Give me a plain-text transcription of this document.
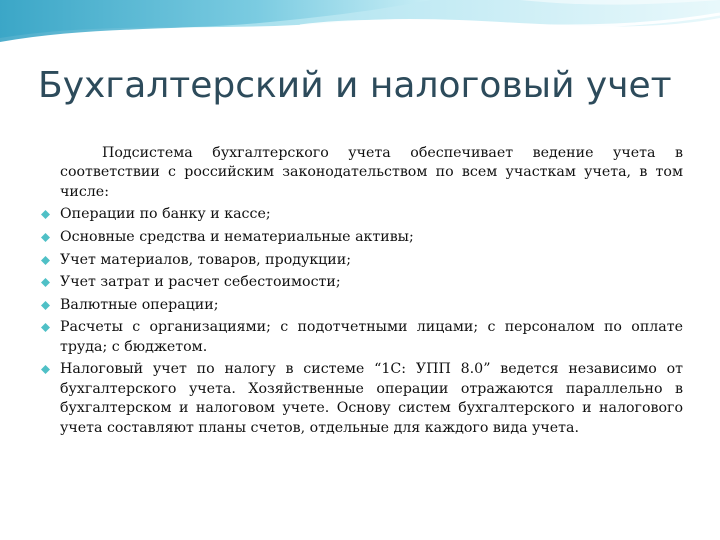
Бухгалтерский и налоговый учет

Подсистема бухгалтерского учета обеспечивает ведение учета в соответствии с российским законодательством по всем участкам учета, в том числе:

Операции по банку и кассе;
Основные средства и нематериальные активы;
Учет материалов, товаров, продукции;
Учет затрат и расчет себестоимости;
Валютные операции;
Расчеты с организациями; с подотчетными лицами; с персоналом по оплате труда; с бюджетом.
Налоговый учет по налогу в системе “1С: УПП 8.0” ведется независимо от бухгалтерского учета. Хозяйственные операции отражаются параллельно в бухгалтерском и налоговом учете. Основу систем бухгалтерского и налогового учета составляют планы счетов, отдельные для каждого вида учета.
